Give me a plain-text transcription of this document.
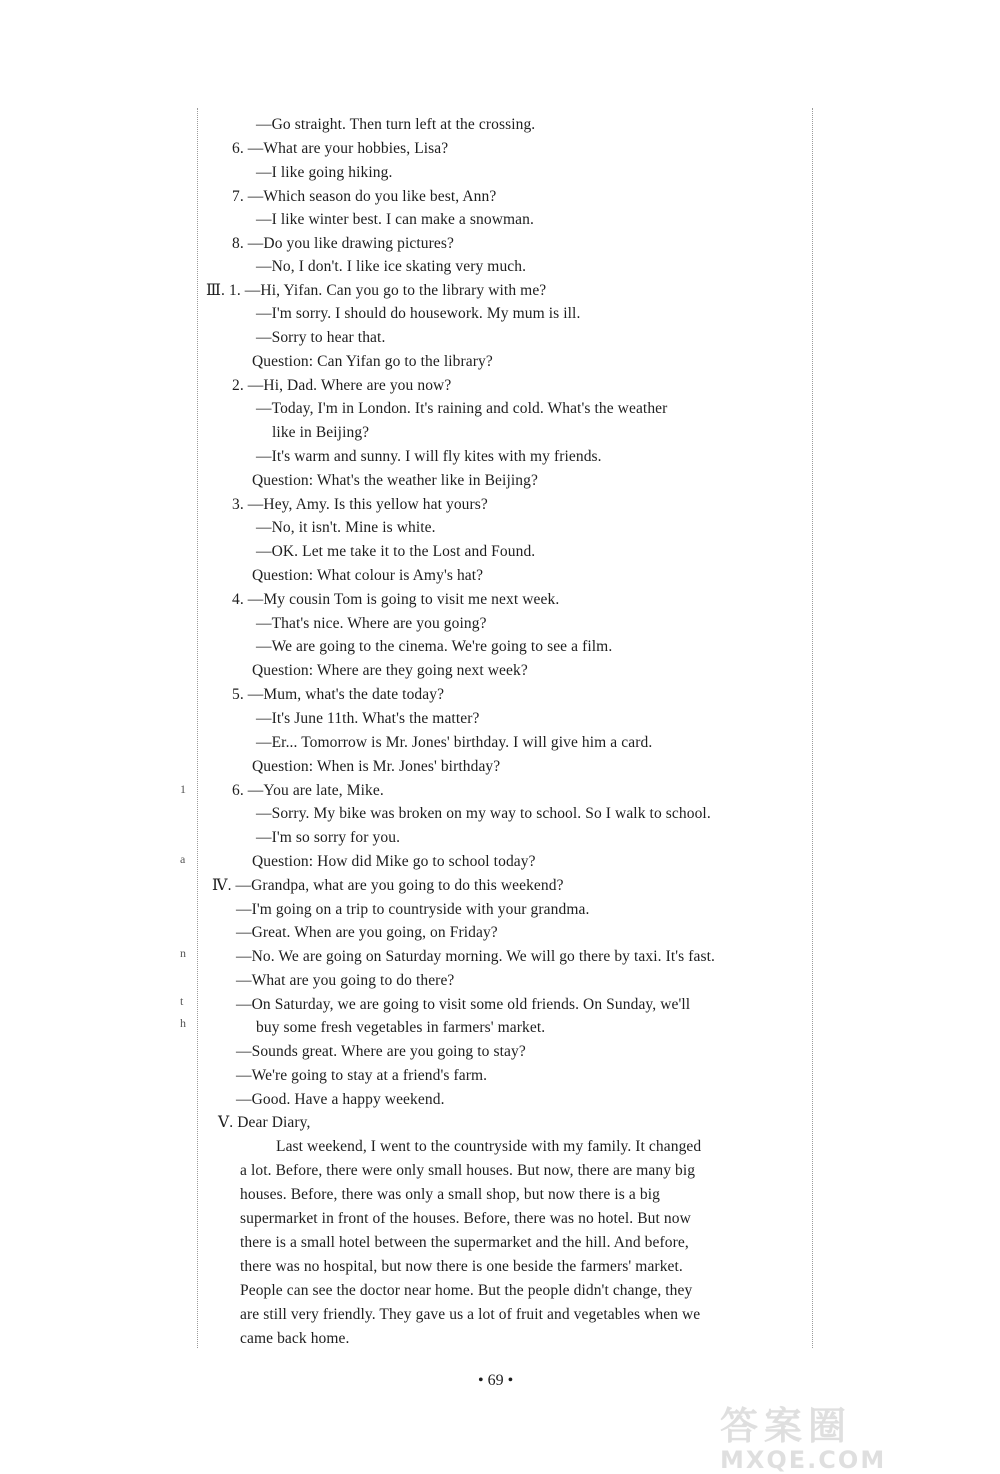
1
a
n
t
h
—Go straight. Then turn left at the crossing.
6. —What are your hobbies, Lisa?
—I like going hiking.
7. —Which season do you like best, Ann?
—I like winter best. I can make a snowman.
8. —Do you like drawing pictures?
—No, I don't. I like ice skating very much.
Ⅲ. 1. —Hi, Yifan. Can you go to the library with me?
—I'm sorry. I should do housework. My mum is ill.
—Sorry to hear that.
Question: Can Yifan go to the library?
2. —Hi, Dad. Where are you now?
—Today, I'm in London. It's raining and cold. What's the weather
like in Beijing?
—It's warm and sunny. I will fly kites with my friends.
Question: What's the weather like in Beijing?
3. —Hey, Amy. Is this yellow hat yours?
—No, it isn't. Mine is white.
—OK. Let me take it to the Lost and Found.
Question: What colour is Amy's hat?
4. —My cousin Tom is going to visit me next week.
—That's nice. Where are you going?
—We are going to the cinema. We're going to see a film.
Question: Where are they going next week?
5. —Mum, what's the date today?
—It's June 11th. What's the matter?
—Er... Tomorrow is Mr. Jones' birthday. I will give him a card.
Question: When is Mr. Jones' birthday?
6. —You are late, Mike.
—Sorry. My bike was broken on my way to school. So I walk to school.
—I'm so sorry for you.
Question: How did Mike go to school today?
Ⅳ. —Grandpa, what are you going to do this weekend?
—I'm going on a trip to countryside with your grandma.
—Great. When are you going, on Friday?
—No. We are going on Saturday morning. We will go there by taxi. It's fast.
—What are you going to do there?
—On Saturday, we are going to visit some old friends. On Sunday, we'll
buy some fresh vegetables in farmers' market.
—Sounds great. Where are you going to stay?
—We're going to stay at a friend's farm.
—Good. Have a happy weekend.
Ⅴ. Dear Diary,
Last weekend, I went to the countryside with my family. It changed
a lot. Before, there were only small houses. But now, there are many big
houses. Before, there was only a small shop, but now there is a big
supermarket in front of the houses. Before, there was no hotel. But now
there is a small hotel between the supermarket and the hill. And before,
there was no hospital, but now there is one beside the farmers' market.
People can see the doctor near home. But the people didn't change, they
are still very friendly. They gave us a lot of fruit and vegetables when we
came back home.
• 69 •
答案圈
MXQE.COM
